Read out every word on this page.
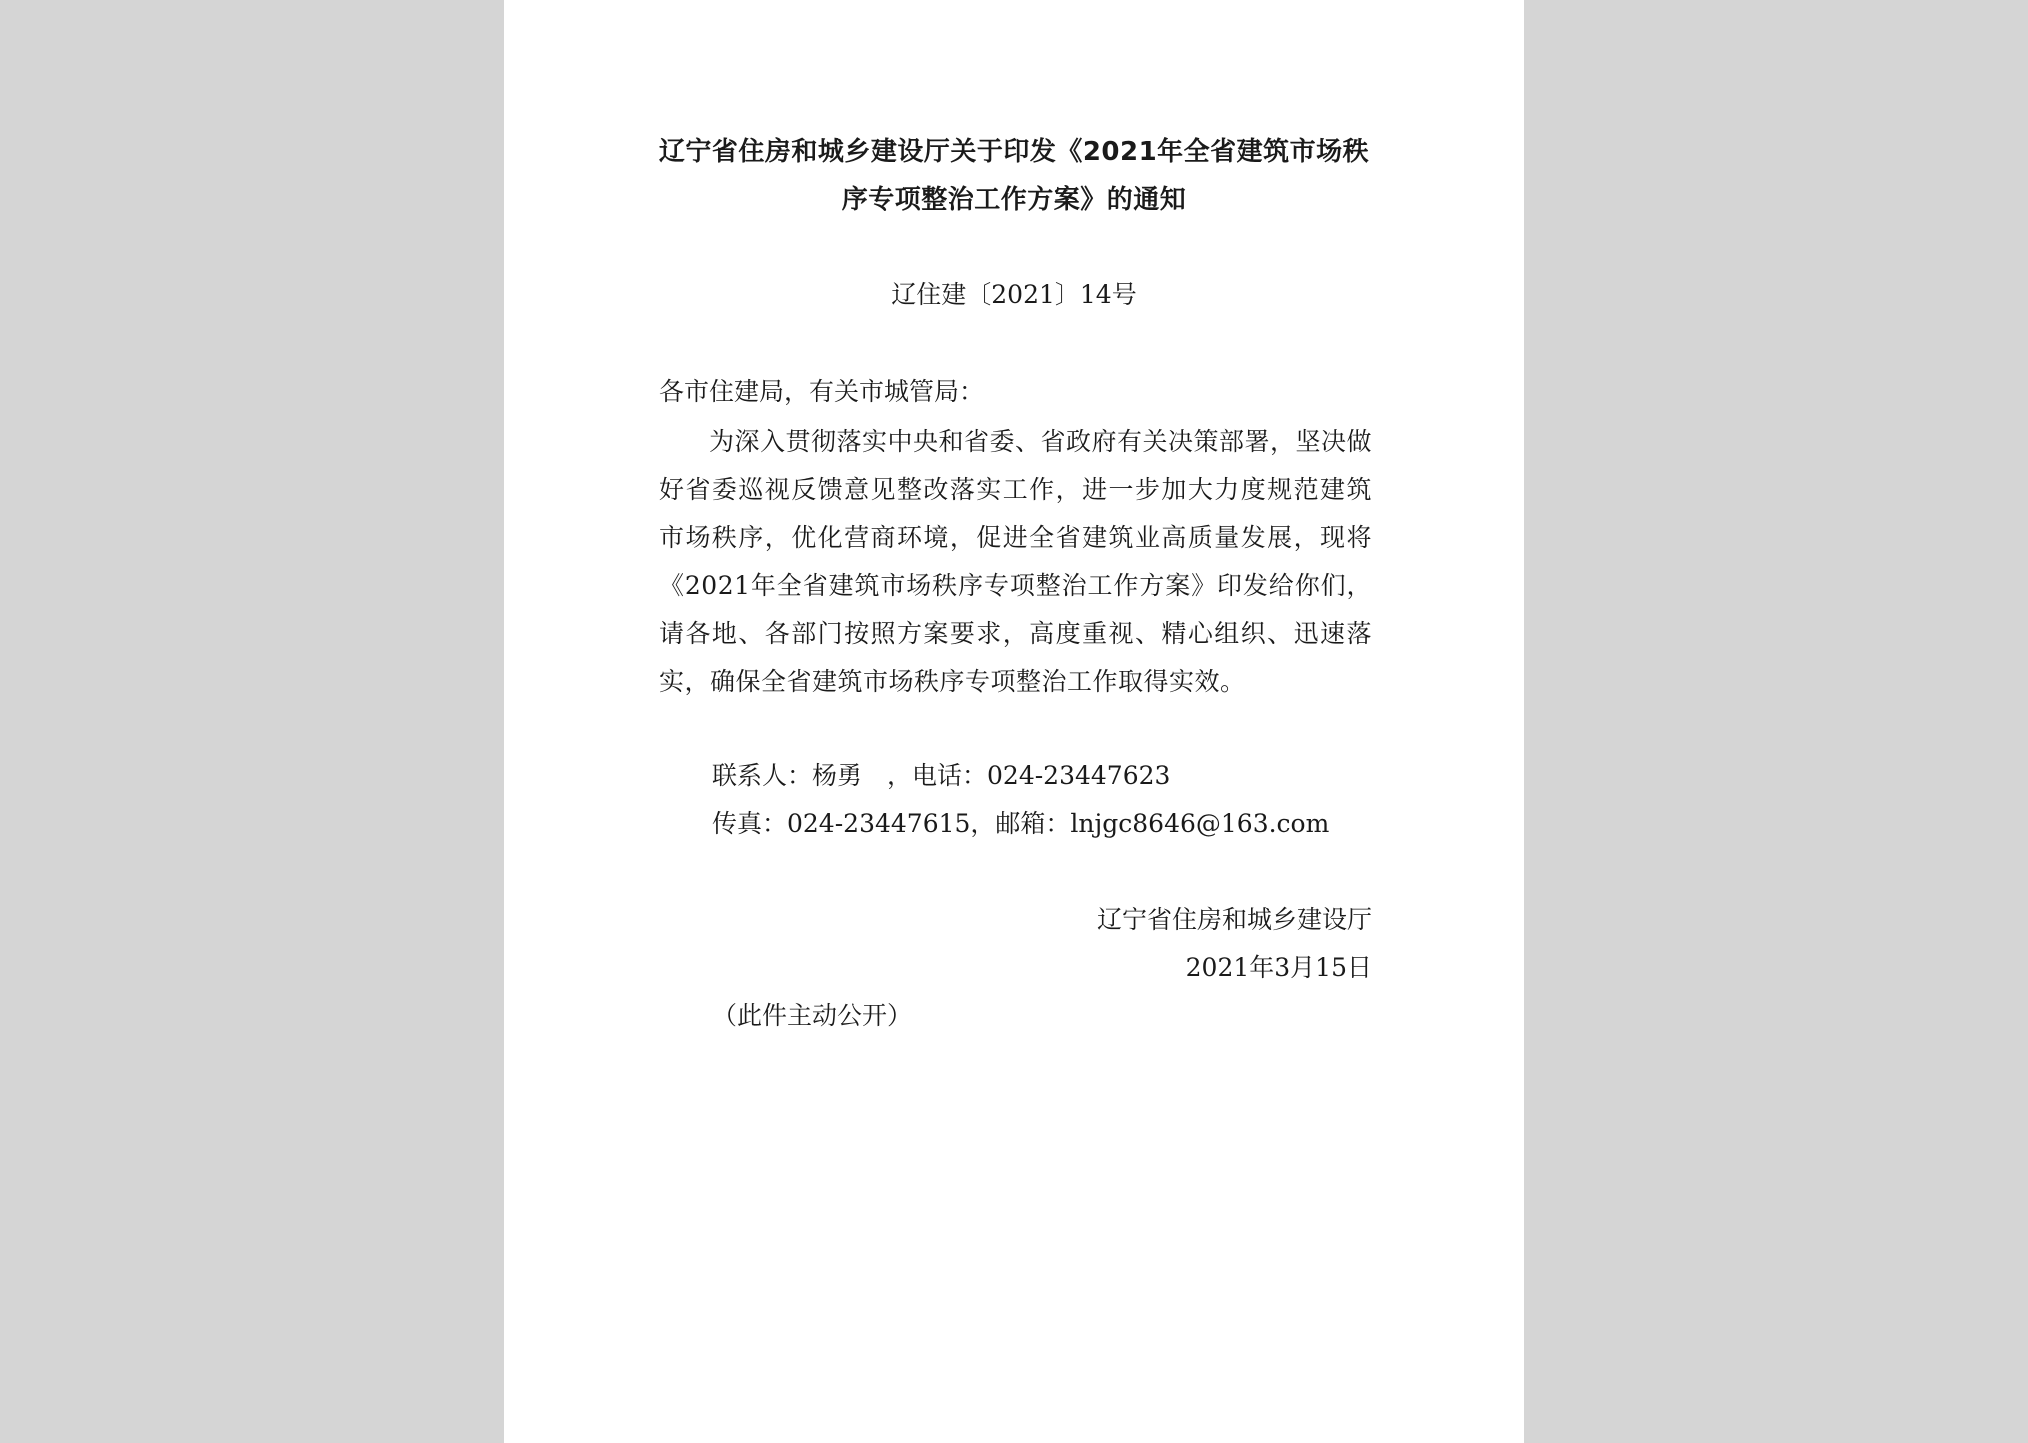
辽宁省住房和城乡建设厅关于印发《2021年全省建筑市场秩
序专项整治工作方案》的通知
辽住建〔2021〕14号
各市住建局，有关市城管局：
为深入贯彻落实中央和省委、省政府有关决策部署，坚决做好省委巡视反馈意见整改落实工作，进一步加大力度规范建筑市场秩序，优化营商环境，促进全省建筑业高质量发展，现将《2021年全省建筑市场秩序专项整治工作方案》印发给你们，请各地、各部门按照方案要求，高度重视、精心组织、迅速落实，确保全省建筑市场秩序专项整治工作取得实效。
联系人：杨勇　，电话：024-23447623
传真：024-23447615，邮箱：lnjgc8646@163.com
辽宁省住房和城乡建设厅
2021年3月15日
（此件主动公开）
